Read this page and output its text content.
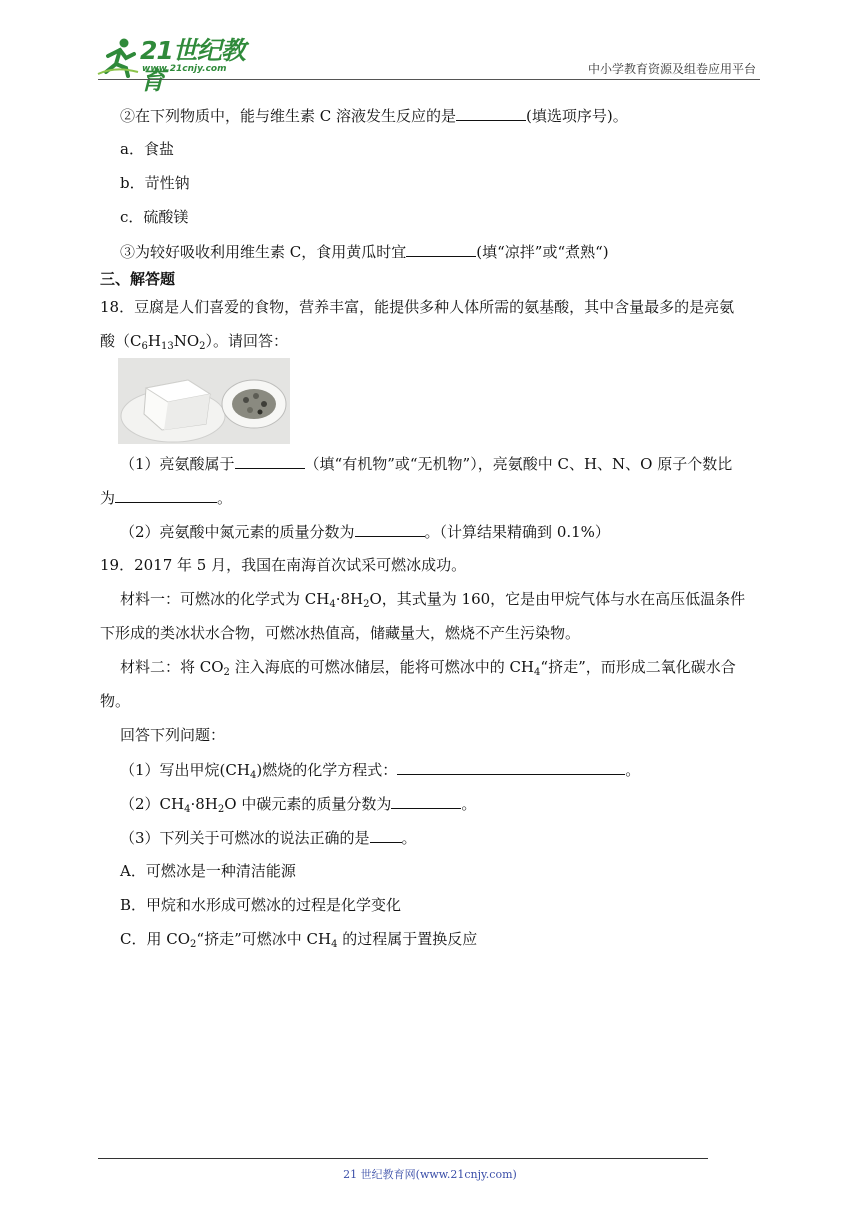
21世纪教育
www.21cnjy.com	中小学教育资源及组卷应用平台
②在下列物质中，能与维生素 C 溶液发生反应的是	(填选项序号)。
a．食盐
b．苛性钠
c．硫酸镁
③为较好吸收利用维生素 C，食用黄瓜时宜	(填“凉拌”或“煮熟“)
三、解答题
18．豆腐是人们喜爱的食物，营养丰富，能提供多种人体所需的氨基酸，其中含量最多的是亮氨
酸$(C_6H_{13}NO_2)$。请回答：
（1）亮氨酸属于	（填“有机物”或“无机物”），亮氨酸中 C、H、N、O 原子个数比
为	。
（2）亮氨酸中氮元素的质量分数为	。（计算结果精确到 0.1%）
19．2017 年 5 月，我国在南海首次试采可燃冰成功。
材料一：可燃冰的化学式为 $CH_4\cdot 8H_2O$，其式量为 160，它是由甲烷气体与水在高压低温条件
下形成的类冰状水合物，可燃冰热值高，储藏量大，燃烧不产生污染物。
材料二：将 $CO_2$ 注入海底的可燃冰储层，能将可燃冰中的 $CH_4“$挤走”，而形成二氧化碳水合
物。
回答下列问题：
（1）写出甲烷$(CH_4)$燃烧的化学方程式：	。
$(2)CH_4\cdot 8H_2O$ 中碳元素的质量分数为	。
（3）下列关于可燃冰的说法正确的是 。
A．可燃冰是一种清洁能源
B．甲烷和水形成可燃冰的过程是化学变化
C．用 $CO_2“$挤走”可燃冰中 $CH_4$ 的过程属于置换反应
21 世纪教育网(www.21cnjy.com)
